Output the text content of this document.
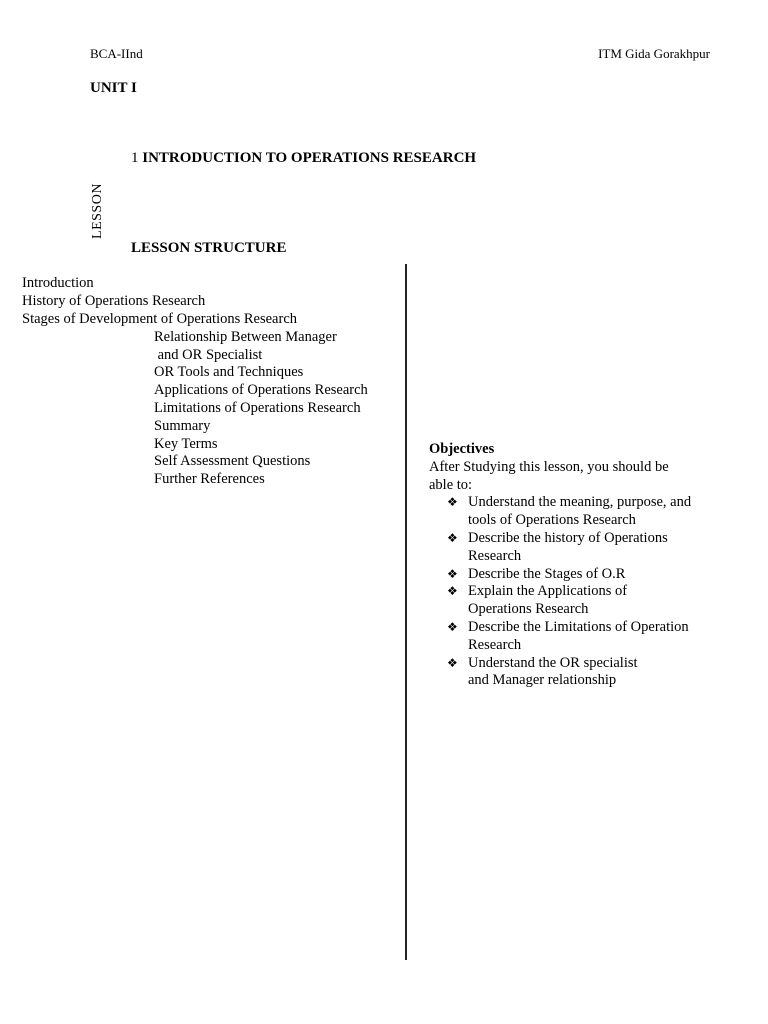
BCA-IInd	ITM Gida Gorakhpur
UNIT I
1 INTRODUCTION TO OPERATIONS RESEARCH
LESSON
LESSON STRUCTURE
Introduction
History of Operations Research
Stages of Development of Operations Research
Relationship Between Manager
and OR Specialist
OR Tools and Techniques
Applications of Operations Research
Limitations of Operations Research
Summary
Key Terms
Self Assessment Questions
Further References
Objectives
After Studying this lesson, you should be
able to:
❖ Understand the meaning, purpose, and
tools of Operations Research
❖ Describe the history of Operations
Research
❖ Describe the Stages of O.R
❖ Explain the Applications of
Operations Research
❖ Describe the Limitations of Operation
Research
❖ Understand the OR specialist
and Manager relationship
